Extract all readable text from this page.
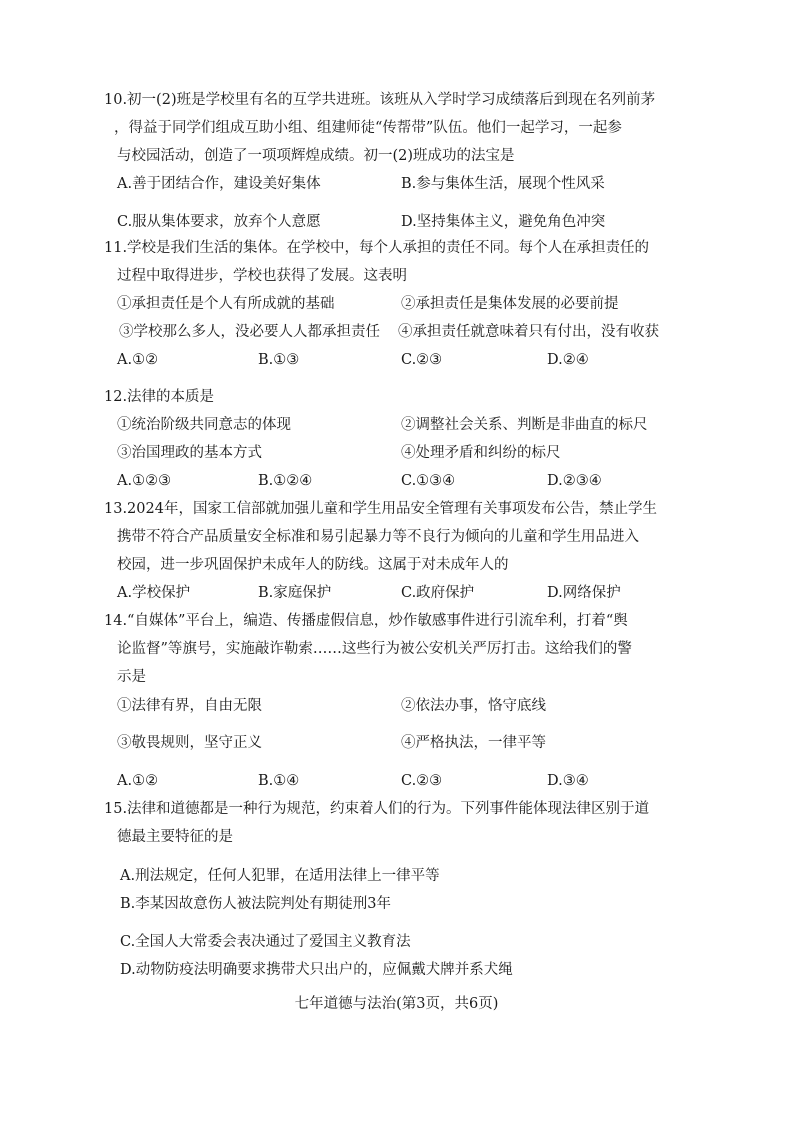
10.初一(2)班是学校里有名的互学共进班。该班从入学时学习成绩落后到现在名列前茅
，得益于同学们组成互助小组、组建师徒“传帮带”队伍。他们一起学习，一起参
与校园活动，创造了一项项辉煌成绩。初一(2)班成功的法宝是
A.善于团结合作，建设美好集体	B.参与集体生活，展现个性风采
C.服从集体要求，放弃个人意愿	D.坚持集体主义，避免角色冲突
11.学校是我们生活的集体。在学校中，每个人承担的责任不同。每个人在承担责任的
过程中取得进步，学校也获得了发展。这表明
①承担责任是个人有所成就的基础	②承担责任是集体发展的必要前提
③学校那么多人，没必要人人都承担责任 ④承担责任就意味着只有付出，没有收获
A.①②	B.①③	C.②③	D.②④
12.法律的本质是
①统治阶级共同意志的体现	②调整社会关系、判断是非曲直的标尺
③治国理政的基本方式	④处理矛盾和纠纷的标尺
A.①②③	B.①②④	C.①③④	D.②③④
13.2024年，国家工信部就加强儿童和学生用品安全管理有关事项发布公告，禁止学生
携带不符合产品质量安全标准和易引起暴力等不良行为倾向的儿童和学生用品进入
校园，进一步巩固保护未成年人的防线。这属于对未成年人的
A.学校保护	B.家庭保护	C.政府保护	D.网络保护
14.“自媒体”平台上，编造、传播虚假信息，炒作敏感事件进行引流牟利，打着“舆
论监督”等旗号，实施敲诈勒索……这些行为被公安机关严厉打击。这给我们的警
示是
①法律有界，自由无限	②依法办事，恪守底线
③敬畏规则，坚守正义	④严格执法，一律平等
A.①②	B.①④	C.②③	D.③④
15.法律和道德都是一种行为规范，约束着人们的行为。下列事件能体现法律区别于道
德最主要特征的是
A.刑法规定，任何人犯罪，在适用法律上一律平等
B.李某因故意伤人被法院判处有期徒刑3年
C.全国人大常委会表决通过了爱国主义教育法
D.动物防疫法明确要求携带犬只出户的，应佩戴犬牌并系犬绳
七年道德与法治(第3页，共6页)
